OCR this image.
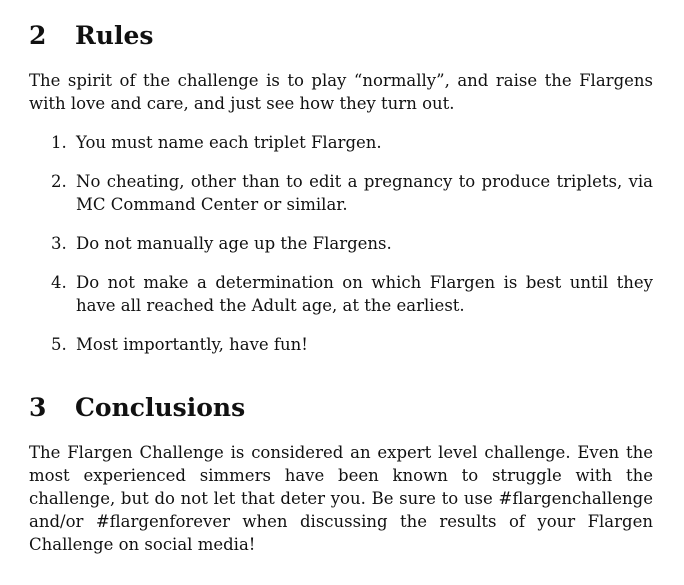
2	Rules

The spirit of the challenge is to play “normally”, and raise the Flargens with love and care, and just see how they turn out.

1. You must name each triplet Flargen.
2. No cheating, other than to edit a pregnancy to produce triplets, via MC Command Center or similar.
3. Do not manually age up the Flargens.
4. Do not make a determination on which Flargen is best until they have all reached the Adult age, at the earliest.
5. Most importantly, have fun!
3	Conclusions

The Flargen Challenge is considered an expert level challenge. Even the most experienced simmers have been known to struggle with the challenge, but do not let that deter you. Be sure to use #flargenchallenge and/or #flargenforever when discussing the results of your Flargen Challenge on social media!
